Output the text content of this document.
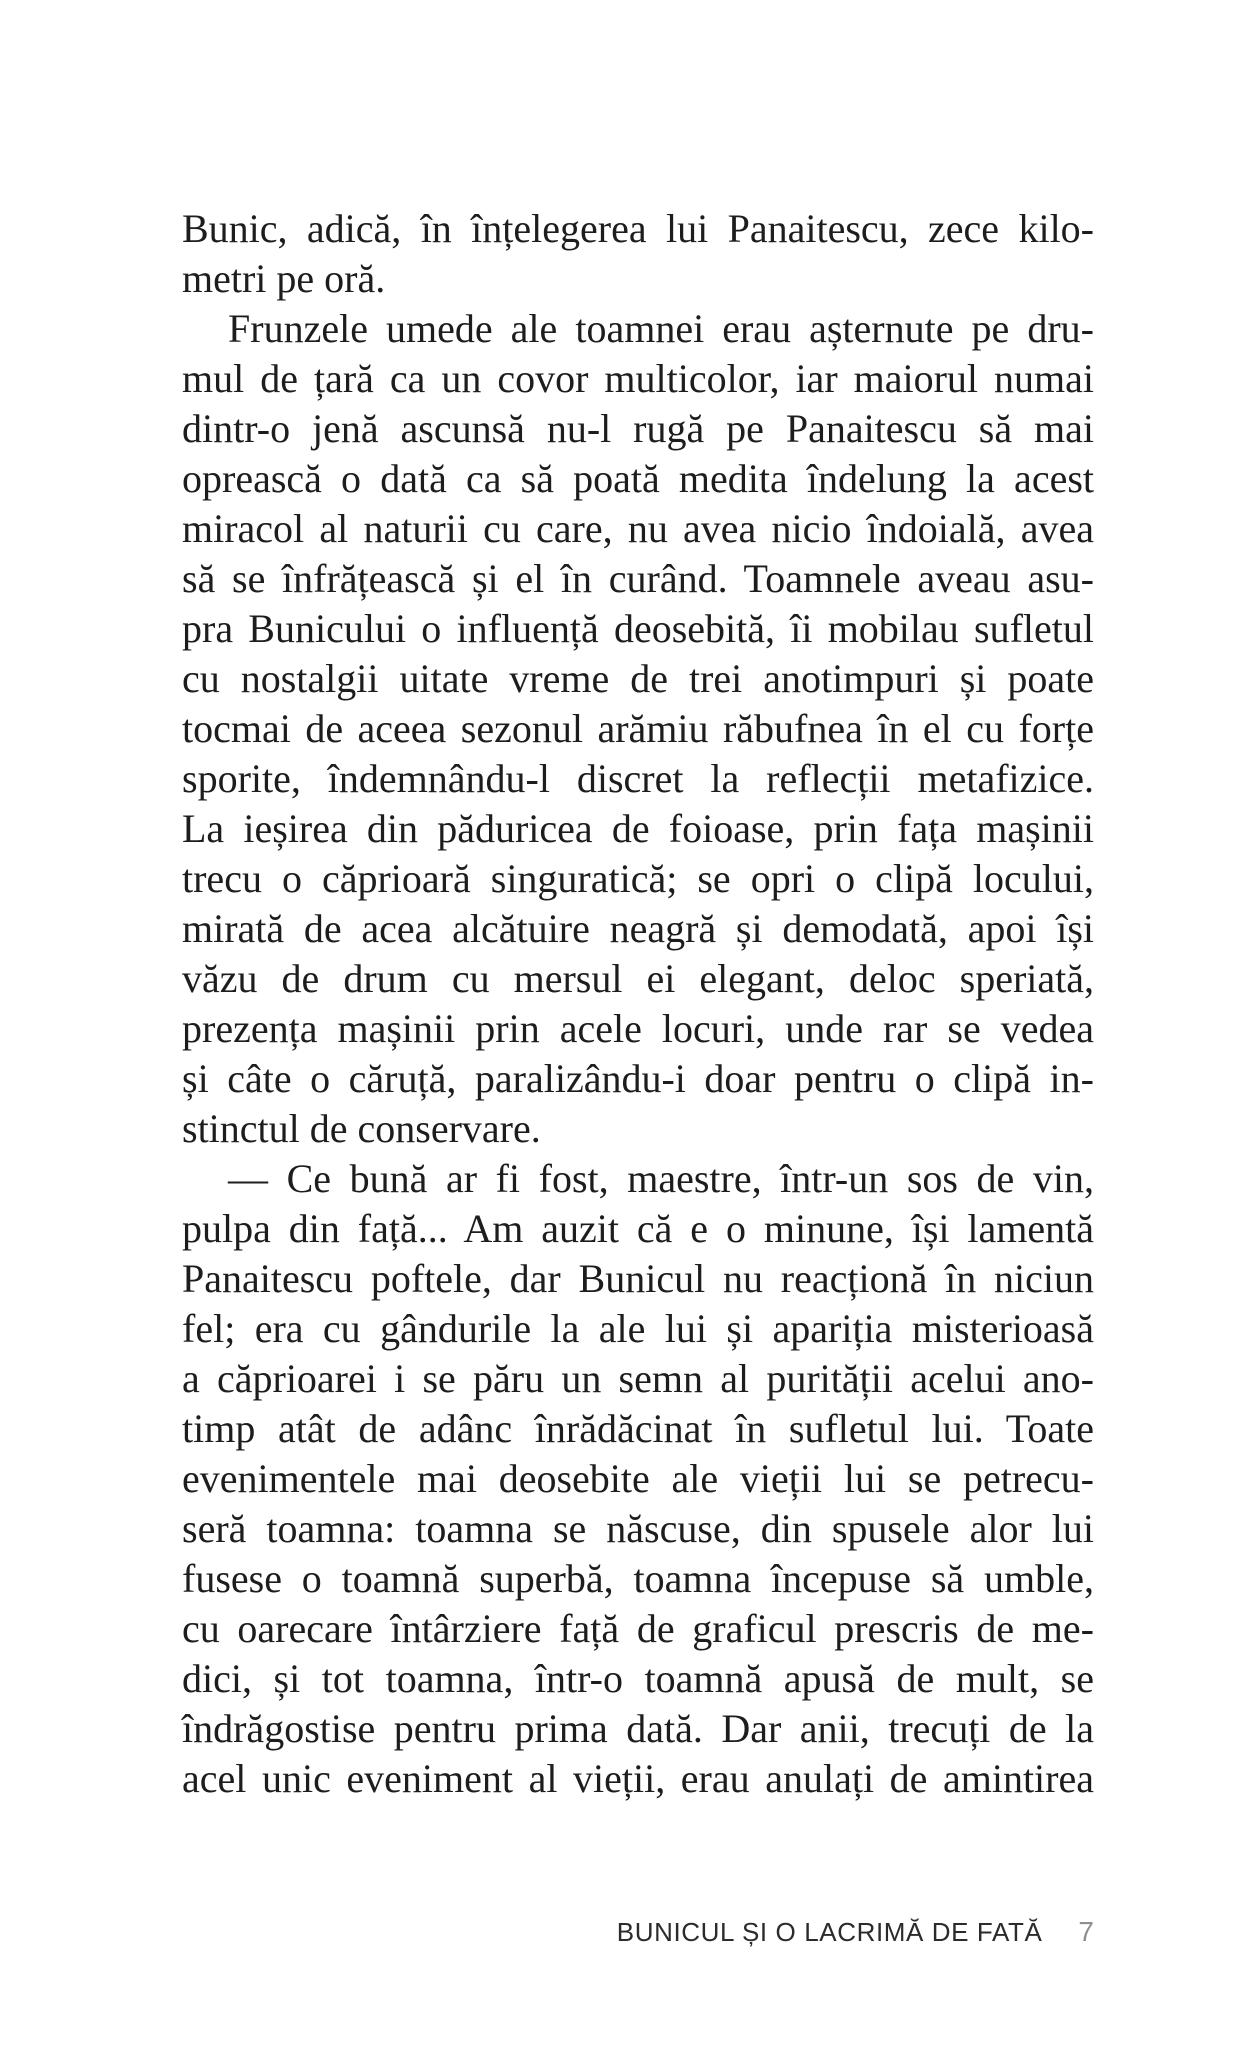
Bunic, adică, în înțelegerea lui Panaitescu, zece kilo-
metri pe oră.
Frunzele umede ale toamnei erau așternute pe dru-
mul de țară ca un covor multicolor, iar maiorul numai
dintr-o jenă ascunsă nu-l rugă pe Panaitescu să mai
oprească o dată ca să poată medita îndelung la acest
miracol al naturii cu care, nu avea nicio îndoială, avea
să se înfrățească și el în curând. Toamnele aveau asu-
pra Bunicului o influență deosebită, îi mobilau sufletul
cu nostalgii uitate vreme de trei anotimpuri și poate
tocmai de aceea sezonul arămiu răbufnea în el cu forțe
sporite, îndemnându-l discret la reflecții metafizice.
La ieșirea din păduricea de foioase, prin fața mașinii
trecu o căprioară singuratică; se opri o clipă locului,
mirată de acea alcătuire neagră și demodată, apoi își
văzu de drum cu mersul ei elegant, deloc speriată,
prezența mașinii prin acele locuri, unde rar se vedea
și câte o căruță, paralizându-i doar pentru o clipă in-
stinctul de conservare.
— Ce bună ar fi fost, maestre, într-un sos de vin,
pulpa din față... Am auzit că e o minune, își lamentă
Panaitescu poftele, dar Bunicul nu reacționă în niciun
fel; era cu gândurile la ale lui și apariția misterioasă
a căprioarei i se păru un semn al purității acelui ano-
timp atât de adânc înrădăcinat în sufletul lui. Toate
evenimentele mai deosebite ale vieții lui se petrecu-
seră toamna: toamna se născuse, din spusele alor lui
fusese o toamnă superbă, toamna începuse să umble,
cu oarecare întârziere față de graficul prescris de me-
dici, și tot toamna, într-o toamnă apusă de mult, se
îndrăgostise pentru prima dată. Dar anii, trecuți de la
acel unic eveniment al vieții, erau anulați de amintirea
BUNICUL ȘI O LACRIMĂ DE FATĂ 7
